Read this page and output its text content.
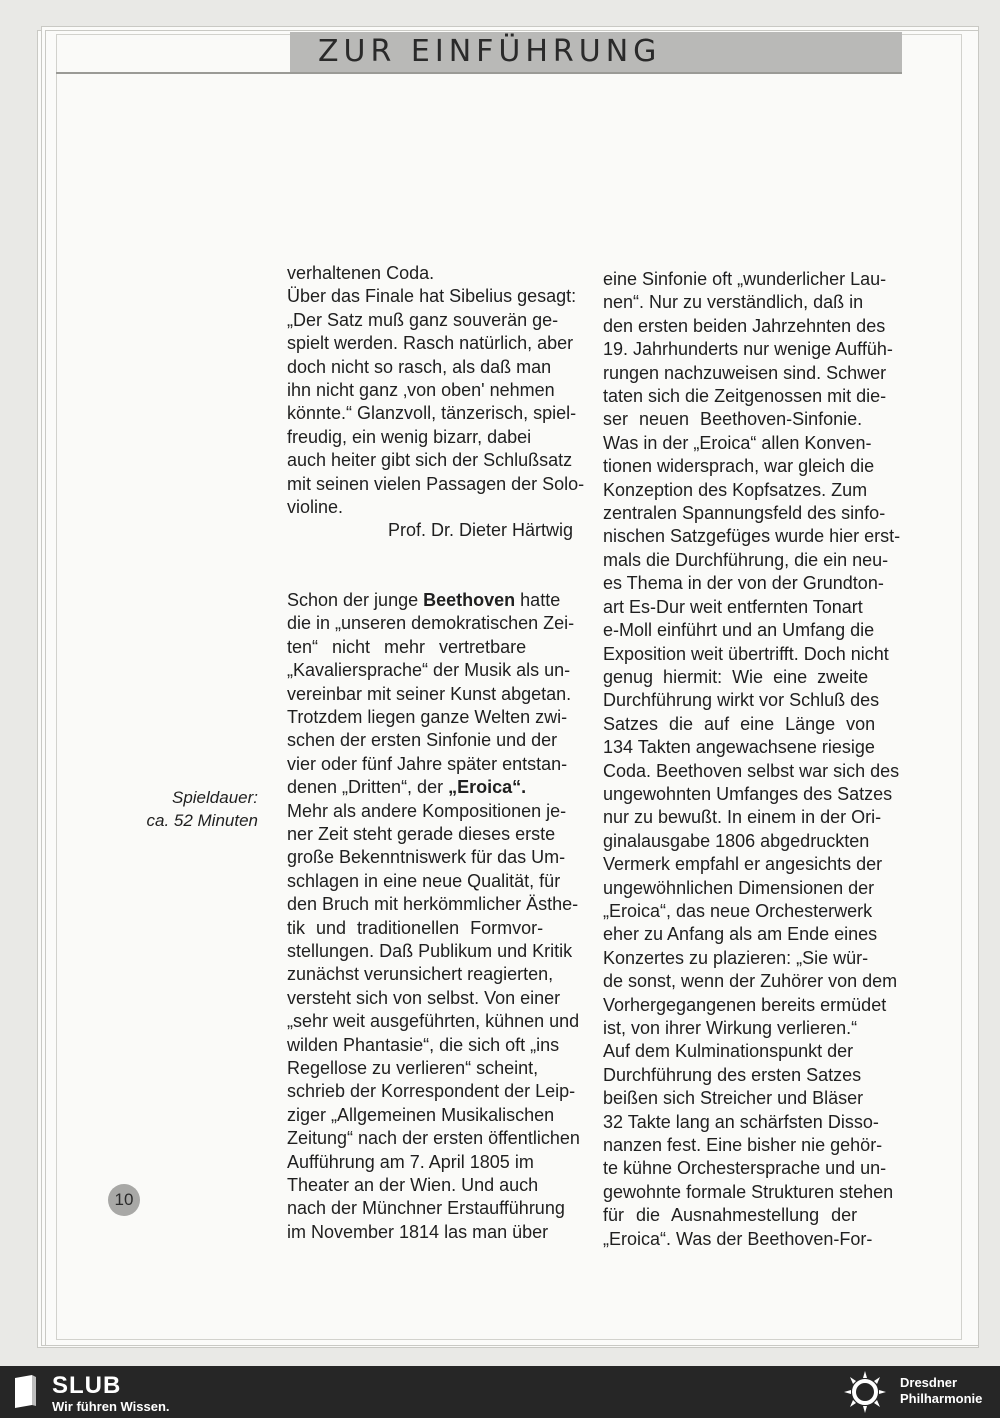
ZUR EINFÜHRUNG
verhaltenen Coda.
Über das Finale hat Sibelius gesagt:
„Der Satz muß ganz souverän ge-
spielt werden. Rasch natürlich, aber
doch nicht so rasch, als daß man
ihn nicht ganz ‚von oben' nehmen
könnte.“ Glanzvoll, tänzerisch, spiel-
freudig, ein wenig bizarr, dabei
auch heiter gibt sich der Schlußsatz
mit seinen vielen Passagen der Solo-
violine.
Prof. Dr. Dieter Härtwig
Schon der junge Beethoven hatte
die in „unseren demokratischen Zei-
ten“ nicht mehr vertretbare
„Kavaliersprache“ der Musik als un-
vereinbar mit seiner Kunst abgetan.
Trotzdem liegen ganze Welten zwi-
schen der ersten Sinfonie und der
vier oder fünf Jahre später entstan-
denen „Dritten“, der „Eroica“.
Mehr als andere Kompositionen je-
ner Zeit steht gerade dieses erste
große Bekenntniswerk für das Um-
schlagen in eine neue Qualität, für
den Bruch mit herkömmlicher Ästhe-
tik und traditionellen Formvor-
stellungen. Daß Publikum und Kritik
zunächst verunsichert reagierten,
versteht sich von selbst. Von einer
„sehr weit ausgeführten, kühnen und
wilden Phantasie“, die sich oft „ins
Regellose zu verlieren“ scheint,
schrieb der Korrespondent der Leip-
ziger „Allgemeinen Musikalischen
Zeitung“ nach der ersten öffentlichen
Aufführung am 7. April 1805 im
Theater an der Wien. Und auch
nach der Münchner Erstaufführung
im November 1814 las man über
eine Sinfonie oft „wunderlicher Lau-
nen“. Nur zu verständlich, daß in
den ersten beiden Jahrzehnten des
19. Jahrhunderts nur wenige Auffüh-
rungen nachzuweisen sind. Schwer
taten sich die Zeitgenossen mit die-
ser neuen Beethoven-Sinfonie.
Was in der „Eroica“ allen Konven-
tionen widersprach, war gleich die
Konzeption des Kopfsatzes. Zum
zentralen Spannungsfeld des sinfo-
nischen Satzgefüges wurde hier erst-
mals die Durchführung, die ein neu-
es Thema in der von der Grundton-
art Es-Dur weit entfernten Tonart
e-Moll einführt und an Umfang die
Exposition weit übertrifft. Doch nicht
genug hiermit: Wie eine zweite
Durchführung wirkt vor Schluß des
Satzes die auf eine Länge von
134 Takten angewachsene riesige
Coda. Beethoven selbst war sich des
ungewohnten Umfanges des Satzes
nur zu bewußt. In einem in der Ori-
ginalausgabe 1806 abgedruckten
Vermerk empfahl er angesichts der
ungewöhnlichen Dimensionen der
„Eroica“, das neue Orchesterwerk
eher zu Anfang als am Ende eines
Konzertes zu plazieren: „Sie wür-
de sonst, wenn der Zuhörer von dem
Vorhergegangenen bereits ermüdet
ist, von ihrer Wirkung verlieren.“
Auf dem Kulminationspunkt der
Durchführung des ersten Satzes
beißen sich Streicher und Bläser
32 Takte lang an schärfsten Disso-
nanzen fest. Eine bisher nie gehör-
te kühne Orchestersprache und un-
gewohnte formale Strukturen stehen
für die Ausnahmestellung der
„Eroica“. Was der Beethoven-For-
Spieldauer:
ca. 52 Minuten
10
SLUB
Wir führen Wissen.
Dresdner
Philharmonie
